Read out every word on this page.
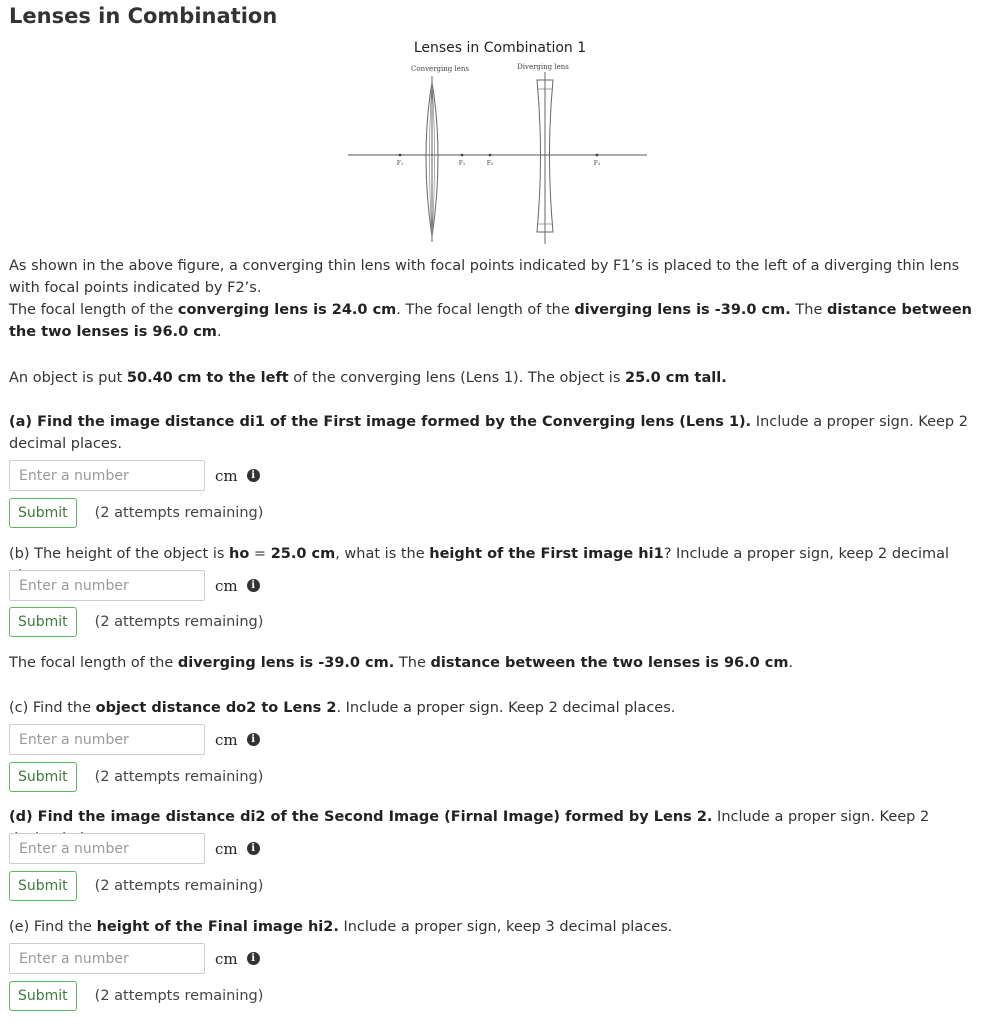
Lenses in Combination
Lenses in Combination 1
Converging lens	Diverging lens
F₁	F₁	F₂	F₂

As shown in the above figure, a converging thin lens with focal points indicated by F1’s is placed to the left of a diverging thin lens with focal points indicated by F2’s.

The focal length of the converging lens is 24.0 cm. The focal length of the diverging lens is -39.0 cm. The distance between the two lenses is 96.0 cm.

An object is put 50.40 cm to the left of the converging lens (Lens 1). The object is 25.0 cm tall.

(a) Find the image distance di1 of the First image formed by the Converging lens (Lens 1). Include a proper sign. Keep 2 decimal places.

Enter a number
cm	i
Submit	(2 attempts remaining)

(b) The height of the object is ho = 25.0 cm, what is the height of the First image hi1? Include a proper sign, keep 2 decimal

Enter a number
cm	i
Submit	(2 attempts remaining)

The focal length of the diverging lens is -39.0 cm. The distance between the two lenses is 96.0 cm.

(c) Find the object distance do2 to Lens 2. Include a proper sign. Keep 2 decimal places.

Enter a number
cm	i
Submit	(2 attempts remaining)

(d) Find the image distance di2 of the Second Image (Firnal Image) formed by Lens 2. Include a proper sign. Keep 2

Enter a number
cm	i
Submit	(2 attempts remaining)

(e) Find the height of the Final image hi2. Include a proper sign, keep 3 decimal places.

Enter a number
cm	i
Submit	(2 attempts remaining)
